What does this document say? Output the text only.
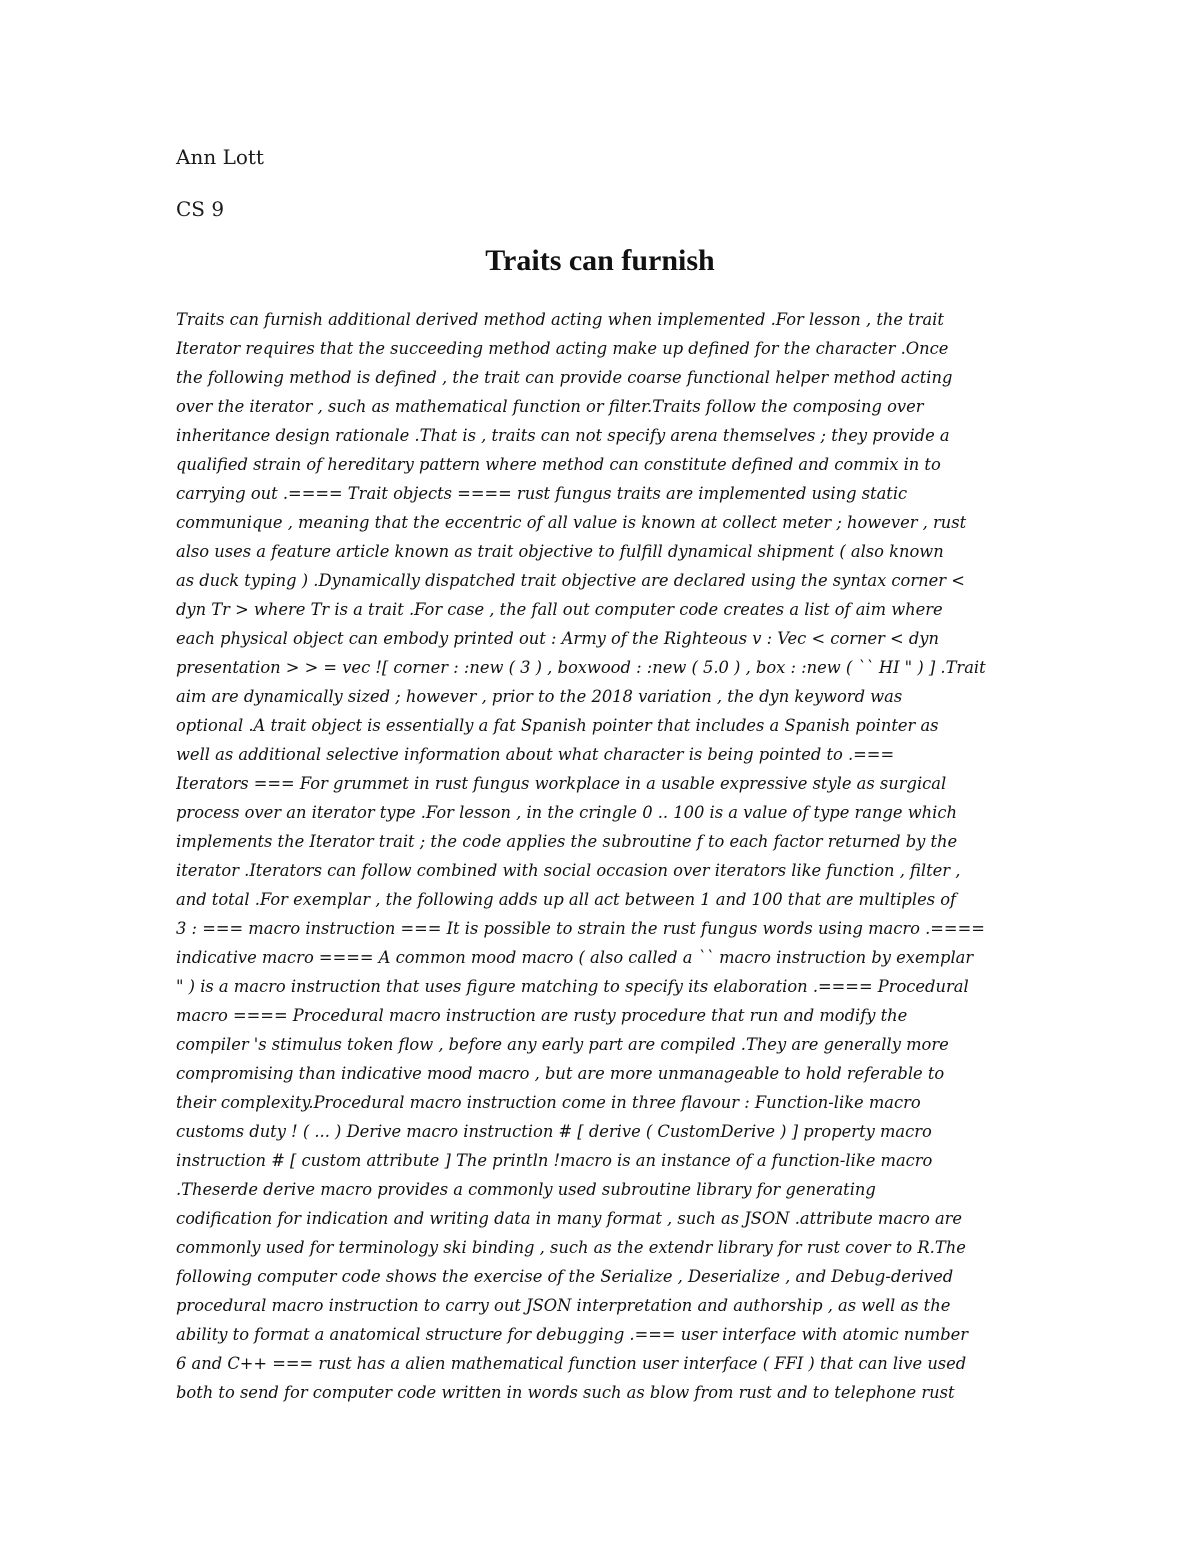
Ann Lott
CS 9
Traits can furnish
Traits can furnish additional derived method acting when implemented .For lesson , the trait
Iterator requires that the succeeding method acting make up defined for the character .Once
the following method is defined , the trait can provide coarse functional helper method acting
over the iterator , such as mathematical function or filter.Traits follow the composing over
inheritance design rationale .That is , traits can not specify arena themselves ; they provide a
qualified strain of hereditary pattern where method can constitute defined and commix in to
carrying out .==== Trait objects ==== rust fungus traits are implemented using static
communique , meaning that the eccentric of all value is known at collect meter ; however , rust
also uses a feature article known as trait objective to fulfill dynamical shipment ( also known
as duck typing ) .Dynamically dispatched trait objective are declared using the syntax corner <
dyn Tr > where Tr is a trait .For case , the fall out computer code creates a list of aim where
each physical object can embody printed out : Army of the Righteous v : Vec < corner < dyn
presentation > > = vec ![ corner : :new ( 3 ) , boxwood : :new ( 5.0 ) , box : :new ( `` HI " ) ] .Trait
aim are dynamically sized ; however , prior to the 2018 variation , the dyn keyword was
optional .A trait object is essentially a fat Spanish pointer that includes a Spanish pointer as
well as additional selective information about what character is being pointed to .===
Iterators === For grummet in rust fungus workplace in a usable expressive style as surgical
process over an iterator type .For lesson , in the cringle 0 .. 100 is a value of type range which
implements the Iterator trait ; the code applies the subroutine f to each factor returned by the
iterator .Iterators can follow combined with social occasion over iterators like function , filter ,
and total .For exemplar , the following adds up all act between 1 and 100 that are multiples of
3 : === macro instruction === It is possible to strain the rust fungus words using macro .====
indicative macro ==== A common mood macro ( also called a `` macro instruction by exemplar
" ) is a macro instruction that uses figure matching to specify its elaboration .==== Procedural
macro ==== Procedural macro instruction are rusty procedure that run and modify the
compiler 's stimulus token flow , before any early part are compiled .They are generally more
compromising than indicative mood macro , but are more unmanageable to hold referable to
their complexity.Procedural macro instruction come in three flavour : Function-like macro
customs duty ! ( ... ) Derive macro instruction # [ derive ( CustomDerive ) ] property macro
instruction # [ custom attribute ] The println !macro is an instance of a function-like macro
.Theserde derive macro provides a commonly used subroutine library for generating
codification for indication and writing data in many format , such as JSON .attribute macro are
commonly used for terminology ski binding , such as the extendr library for rust cover to R.The
following computer code shows the exercise of the Serialize , Deserialize , and Debug-derived
procedural macro instruction to carry out JSON interpretation and authorship , as well as the
ability to format a anatomical structure for debugging .=== user interface with atomic number
6 and C++ === rust has a alien mathematical function user interface ( FFI ) that can live used
both to send for computer code written in words such as blow from rust and to telephone rust
